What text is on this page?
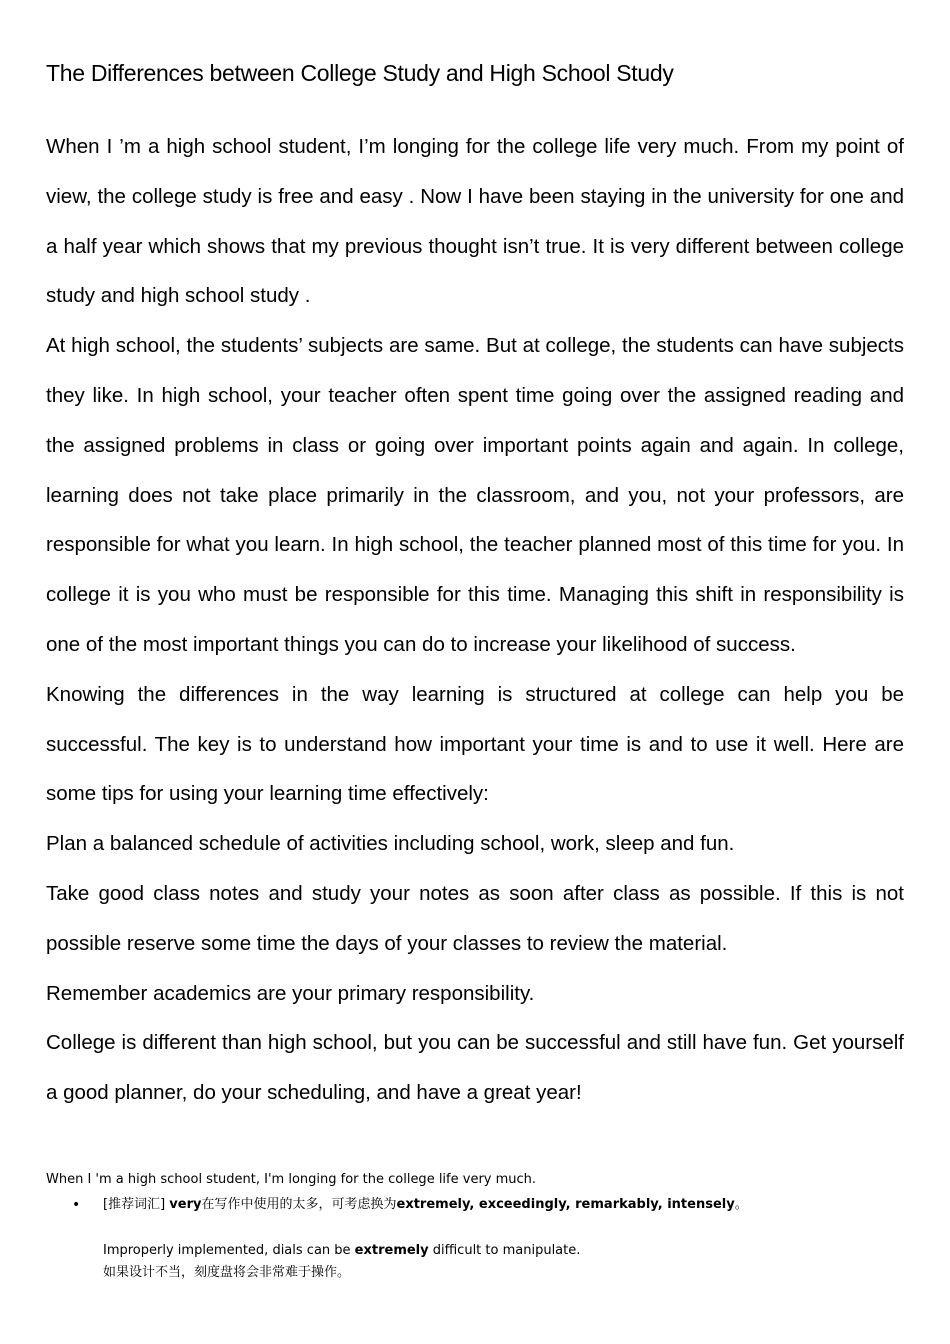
The Differences between College Study and High School Study

When I ’m a high school student, I’m longing for the college life very much. From my point of view, the college study is free and easy . Now I have been staying in the university for one and a half year which shows that my previous thought isn’t true. It is very different between college study and high school study .

At high school, the students’ subjects are same. But at college, the students can have subjects they like. In high school, your teacher often spent time going over the assigned reading and the assigned problems in class or going over important points again and again. In college, learning does not take place primarily in the classroom, and you, not your professors, are responsible for what you learn. In high school, the teacher planned most of this time for you. In college it is you who must be responsible for this time. Managing this shift in responsibility is one of the most important things you can do to increase your likelihood of success.

Knowing the differences in the way learning is structured at college can help you be successful. The key is to understand how important your time is and to use it well. Here are some tips for using your learning time effectively:

Plan a balanced schedule of activities including school, work, sleep and fun.

Take good class notes and study your notes as soon after class as possible. If this is not possible reserve some time the days of your classes to review the material.

Remember academics are your primary responsibility.

College is different than high school, but you can be successful and still have fun. Get yourself a good planner, do your scheduling, and have a great year!

When I 'm a high school student, I'm longing for the college life very much.

• [推荐词汇] very在写作中使用的太多，可考虑换为extremely, exceedingly, remarkably, intensely。
Improperly implemented, dials can be extremely difficult to manipulate.
如果设计不当，刻度盘将会非常难于操作。
